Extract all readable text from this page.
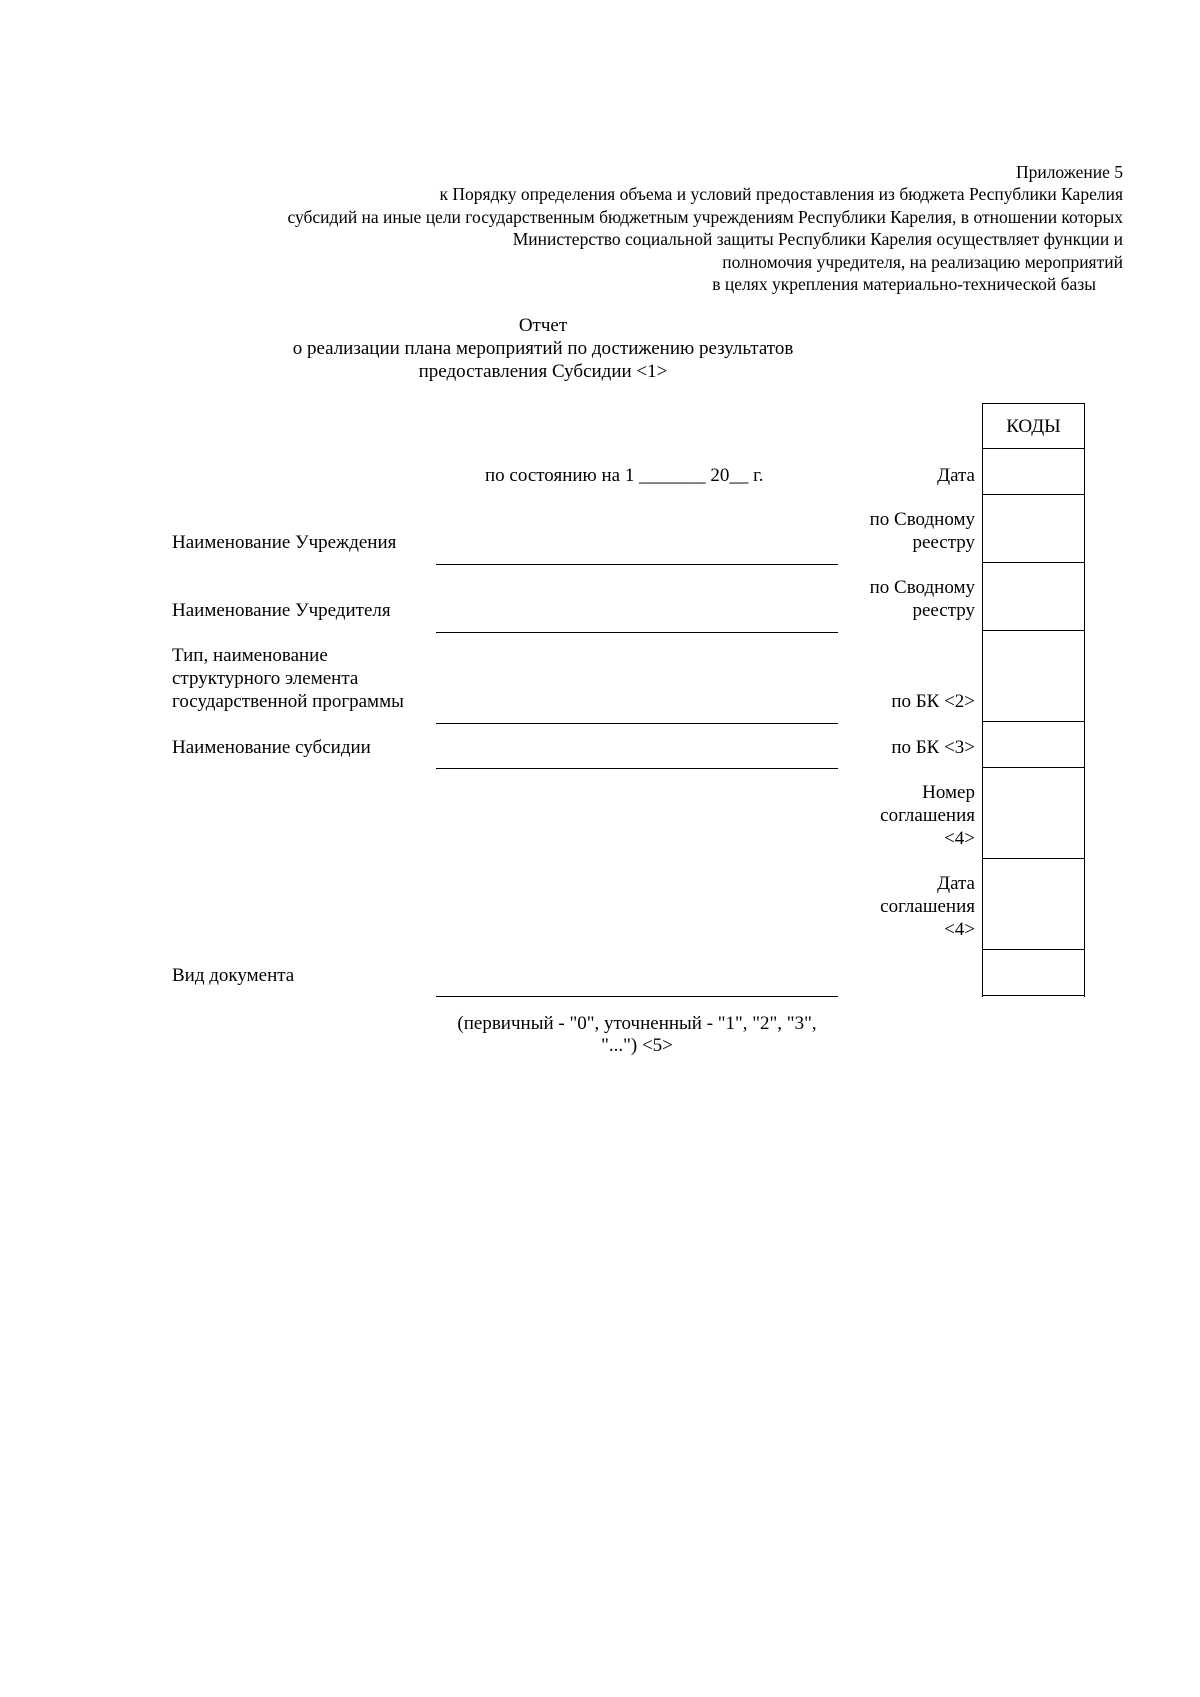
Приложение 5
к Порядку определения объема и условий предоставления из бюджета Республики Карелия
субсидий на иные цели государственным бюджетным учреждениям Республики Карелия, в отношении которых
Министерство социальной защиты Республики Карелия осуществляет функции и
полномочия учредителя, на реализацию мероприятий
в целях укрепления материально-технической базы
Отчет
о реализации плана мероприятий по достижению результатов
предоставления Субсидии <1>
по состоянию на 1 _______ 20__ г.
Наименование Учреждения
Наименование Учредителя
Тип, наименование
структурного элемента
государственной программы
Наименование субсидии
Вид документа
(первичный - "0", уточненный - "1", "2", "3",
"...") <5>
Дата
по Сводному
реестру
по Сводному
реестру
по БК <2>
по БК <3>
Номер
соглашения
<4>
Дата
соглашения
<4>
КОДЫ
